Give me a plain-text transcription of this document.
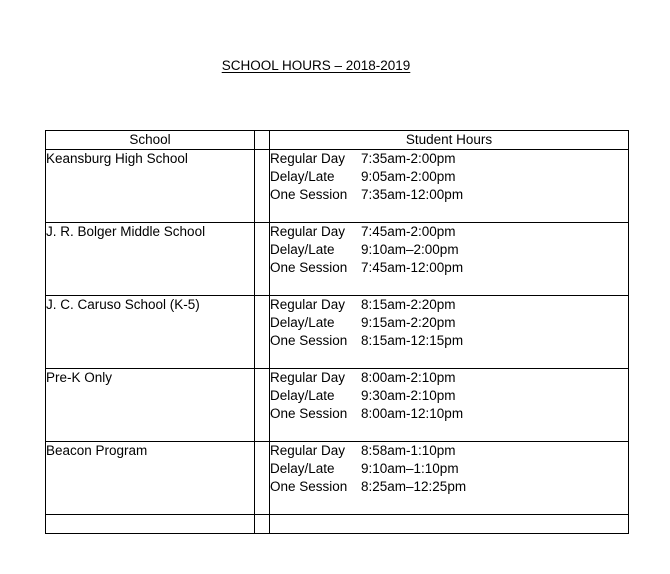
SCHOOL HOURS – 2018-2019
School		Student Hours
Keansburg High School		Regular Day 7:35am-2:00pm
Delay/Late 9:05am-2:00pm
One Session 7:35am-12:00pm

J. R. Bolger Middle School		Regular Day 7:45am-2:00pm
Delay/Late 9:10am–2:00pm
One Session 7:45am-12:00pm

J. C. Caruso School (K-5)		Regular Day 8:15am-2:20pm
Delay/Late 9:15am-2:20pm
One Session 8:15am-12:15pm

Pre-K Only		Regular Day 8:00am-2:10pm
Delay/Late 9:30am-2:10pm
One Session 8:00am-12:10pm

Beacon Program		Regular Day 8:58am-1:10pm
Delay/Late 9:10am–1:10pm
One Session 8:25am–12:25pm
